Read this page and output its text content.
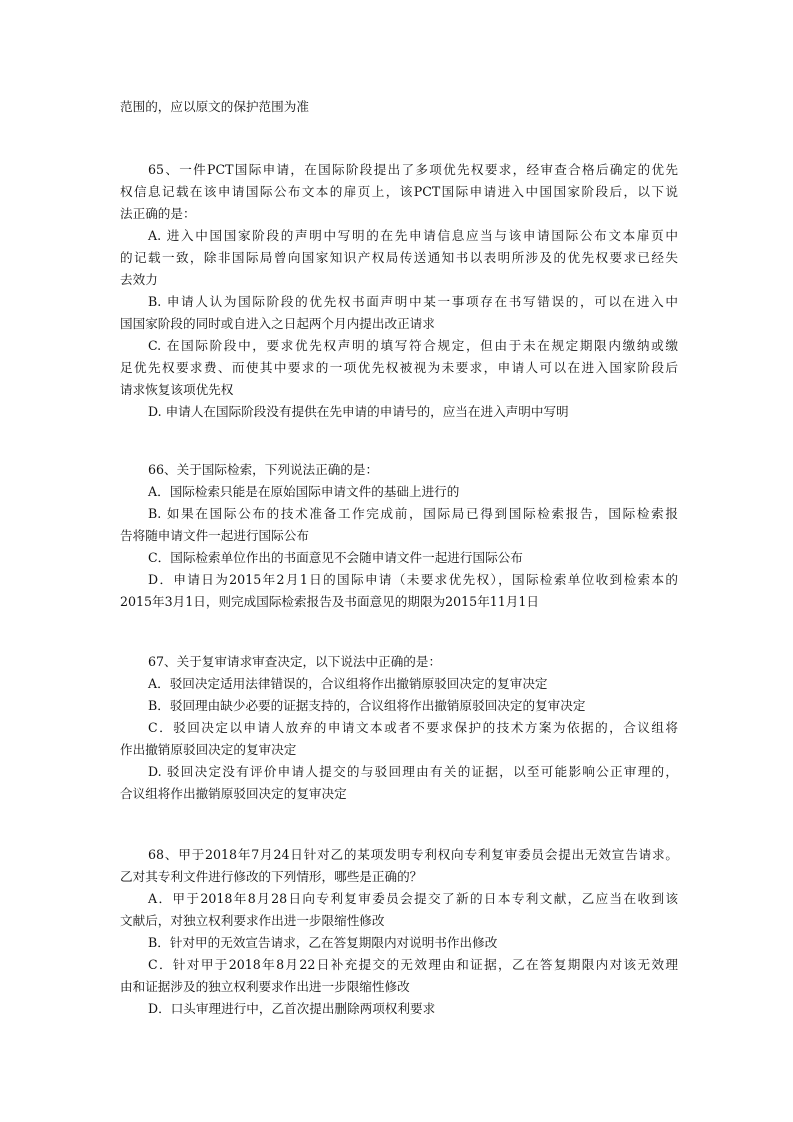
范围的，应以原文的保护范围为准
65、一件PCT国际申请，在国际阶段提出了多项优先权要求，经审查合格后确定的优先
权信息记载在该申请国际公布文本的扉页上，该PCT国际申请进入中国国家阶段后，以下说
法正确的是：
A. 进入中国国家阶段的声明中写明的在先申请信息应当与该申请国际公布文本扉页中
的记载一致，除非国际局曾向国家知识产权局传送通知书以表明所涉及的优先权要求已经失
去效力
B. 申请人认为国际阶段的优先权书面声明中某一事项存在书写错误的，可以在进入中
国国家阶段的同时或自进入之日起两个月内提出改正请求
C. 在国际阶段中，要求优先权声明的填写符合规定，但由于未在规定期限内缴纳或缴
足优先权要求费、而使其中要求的一项优先权被视为未要求，申请人可以在进入国家阶段后
请求恢复该项优先权
D. 申请人在国际阶段没有提供在先申请的申请号的，应当在进入声明中写明
66、关于国际检索，下列说法正确的是：
A．国际检索只能是在原始国际申请文件的基础上进行的
B. 如果在国际公布的技术准备工作完成前，国际局已得到国际检索报告，国际检索报
告将随申请文件一起进行国际公布
C．国际检索单位作出的书面意见不会随申请文件一起进行国际公布
D．申请日为2015年2月1日的国际申请（未要求优先权），国际检索单位收到检索本的
2015年3月1日，则完成国际检索报告及书面意见的期限为2015年11月1日
67、关于复审请求审查决定，以下说法中正确的是：
A．驳回决定适用法律错误的，合议组将作出撤销原驳回决定的复审决定
B．驳回理由缺少必要的证据支持的，合议组将作出撤销原驳回决定的复审决定
C．驳回决定以申请人放弃的申请文本或者不要求保护的技术方案为依据的，合议组将
作出撤销原驳回决定的复审决定
D. 驳回决定没有评价申请人提交的与驳回理由有关的证据，以至可能影响公正审理的，
合议组将作出撤销原驳回决定的复审决定
68、甲于2018年7月24日针对乙的某项发明专利权向专利复审委员会提出无效宣告请求。
乙对其专利文件进行修改的下列情形，哪些是正确的？
A．甲于2018年8月28日向专利复审委员会提交了新的日本专利文献，乙应当在收到该
文献后，对独立权利要求作出进一步限缩性修改
B．针对甲的无效宣告请求，乙在答复期限内对说明书作出修改
C．针对甲于2018年8月22日补充提交的无效理由和证据，乙在答复期限内对该无效理
由和证据涉及的独立权利要求作出进一步限缩性修改
D．口头审理进行中，乙首次提出删除两项权利要求
